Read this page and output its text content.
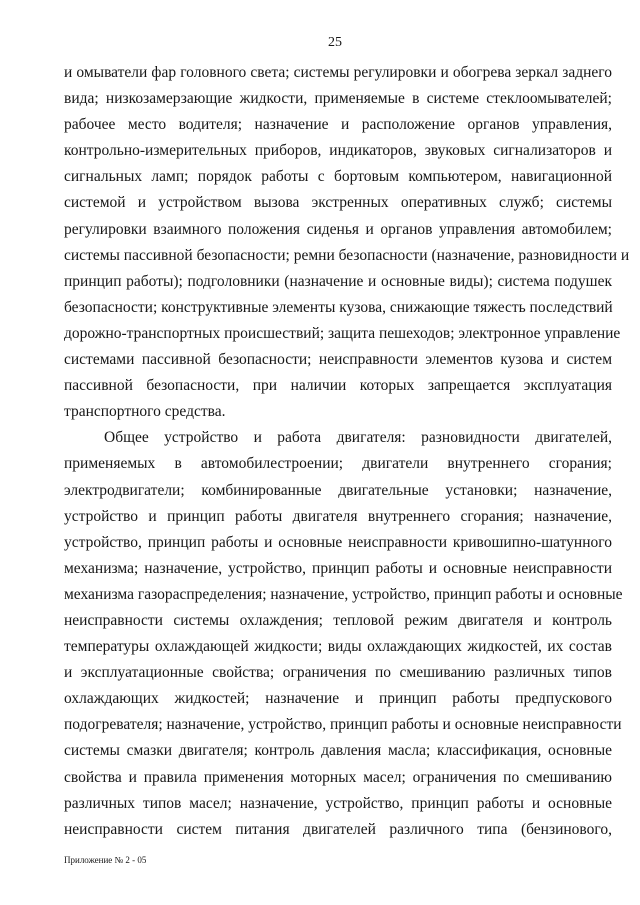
25
и омыватели фар головного света; системы регулировки и обогрева зеркал заднего
вида; низкозамерзающие жидкости, применяемые в системе стеклоомывателей;
рабочее место водителя; назначение и расположение органов управления,
контрольно-измерительных приборов, индикаторов, звуковых сигнализаторов и
сигнальных ламп; порядок работы с бортовым компьютером, навигационной
системой и устройством вызова экстренных оперативных служб; системы
регулировки взаимного положения сиденья и органов управления автомобилем;
системы пассивной безопасности; ремни безопасности (назначение, разновидности и
принцип работы); подголовники (назначение и основные виды); система подушек
безопасности; конструктивные элементы кузова, снижающие тяжесть последствий
дорожно-транспортных происшествий; защита пешеходов; электронное управление
системами пассивной безопасности; неисправности элементов кузова и систем
пассивной безопасности, при наличии которых запрещается эксплуатация
транспортного средства.
Общее устройство и работа двигателя: разновидности двигателей,
применяемых в автомобилестроении; двигатели внутреннего сгорания;
электродвигатели; комбинированные двигательные установки; назначение,
устройство и принцип работы двигателя внутреннего сгорания; назначение,
устройство, принцип работы и основные неисправности кривошипно-шатунного
механизма; назначение, устройство, принцип работы и основные неисправности
механизма газораспределения; назначение, устройство, принцип работы и основные
неисправности системы охлаждения; тепловой режим двигателя и контроль
температуры охлаждающей жидкости; виды охлаждающих жидкостей, их состав
и эксплуатационные свойства; ограничения по смешиванию различных типов
охлаждающих жидкостей; назначение и принцип работы предпускового
подогревателя; назначение, устройство, принцип работы и основные неисправности
системы смазки двигателя; контроль давления масла; классификация, основные
свойства и правила применения моторных масел; ограничения по смешиванию
различных типов масел; назначение, устройство, принцип работы и основные
неисправности систем питания двигателей различного типа (бензинового,
Приложение № 2 - 05
